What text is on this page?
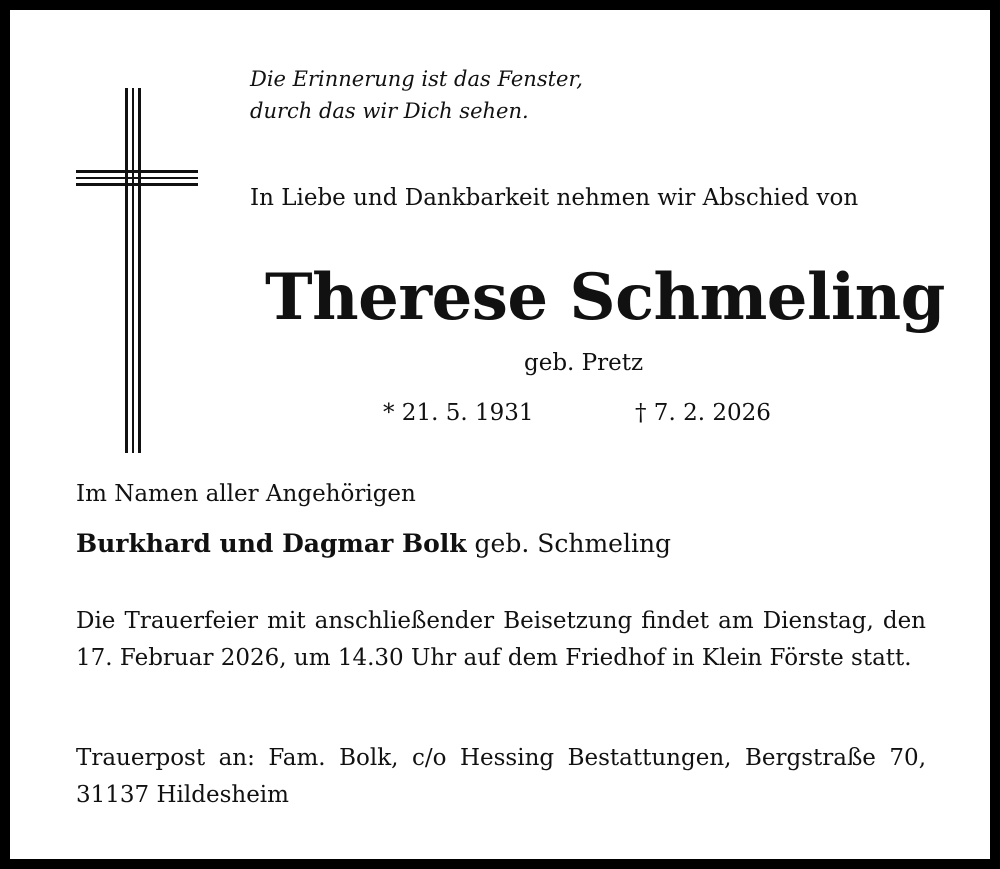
Die Erinnerung ist das Fenster,
durch das wir Dich sehen.
In Liebe und Dankbarkeit nehmen wir Abschied von
Therese Schmeling
geb. Pretz
* 21. 5. 1931	† 7. 2. 2026
Im Namen aller Angehörigen
Burkhard und Dagmar Bolk geb. Schmeling
Die Trauerfeier mit anschließender Beisetzung findet am Dienstag, den 17. Februar 2026, um 14.30 Uhr auf dem Friedhof in Klein Förste statt.
Trauerpost an: Fam. Bolk, c/o Hessing Bestattungen, Bergstraße 70, 31137 Hildesheim
